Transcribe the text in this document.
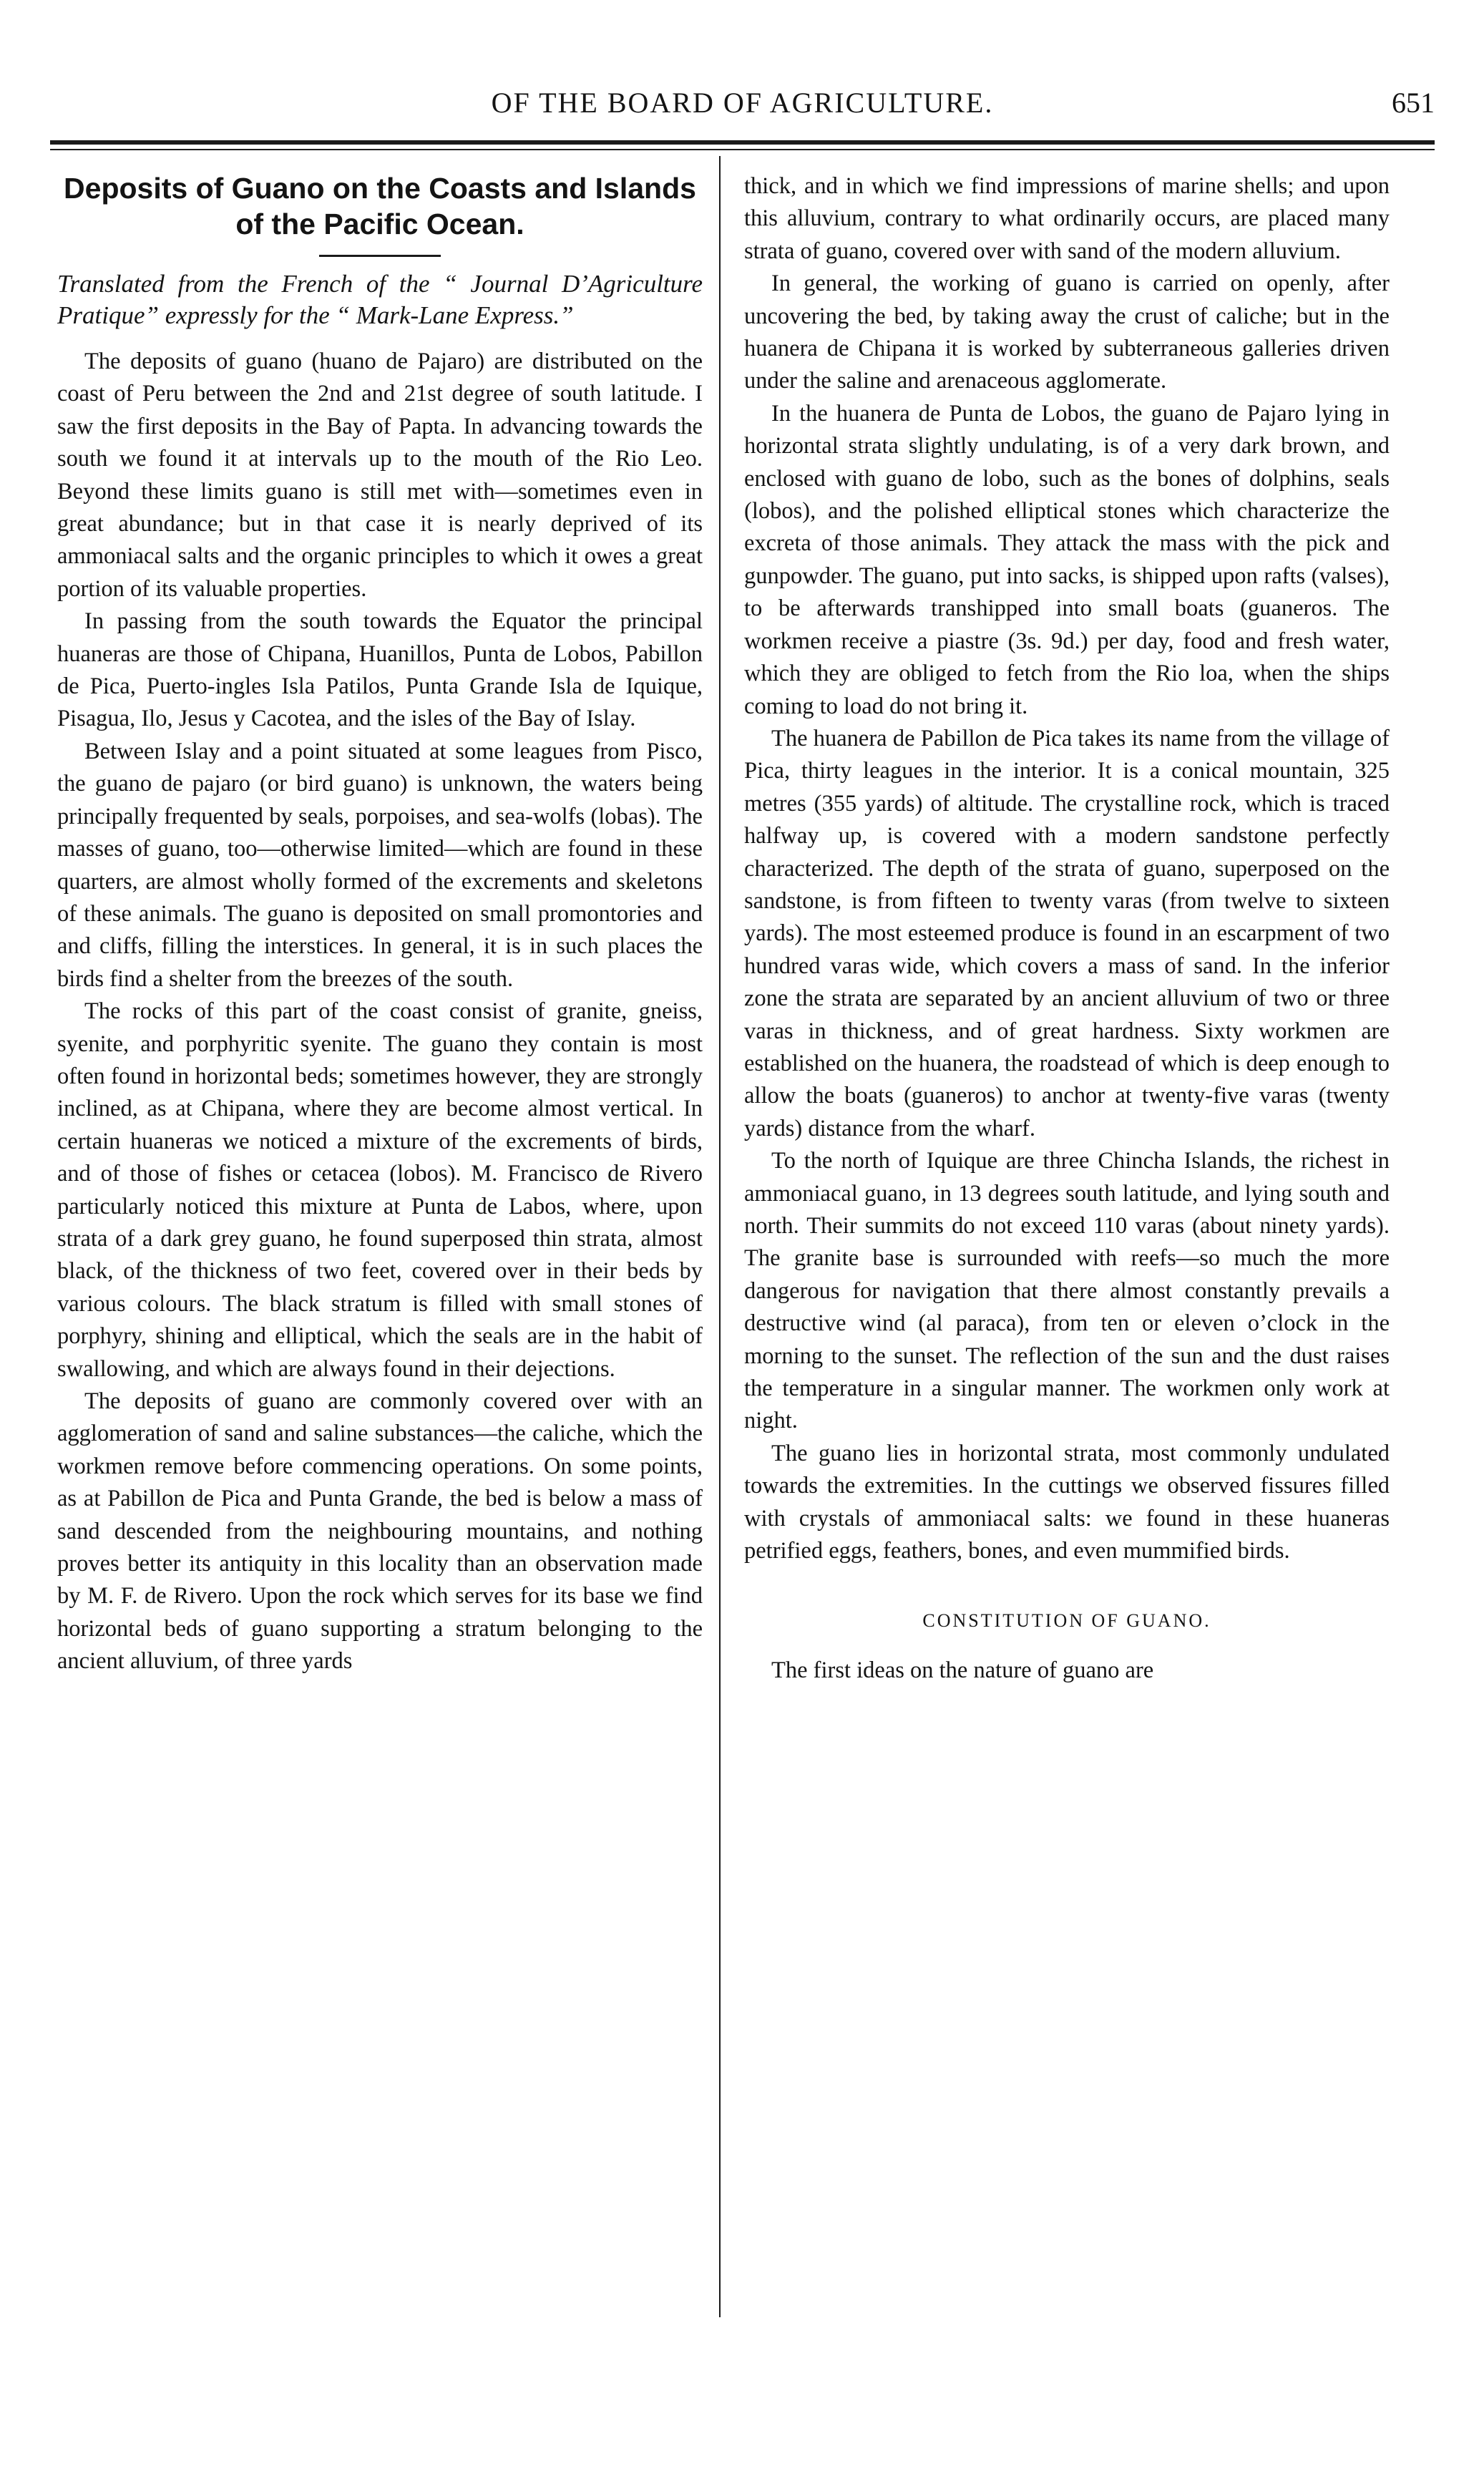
OF THE BOARD OF AGRICULTURE.	651
Deposits of Guano on the Coasts and Islands of the Pacific Ocean.
Translated from the French of the “ Journal D’Agriculture Pratique” expressly for the “ Mark-Lane Express.”

The deposits of guano (huano de Pajaro) are distributed on the coast of Peru between the 2nd and 21st degree of south latitude. I saw the first deposits in the Bay of Papta. In advancing towards the south we found it at intervals up to the mouth of the Rio Leo. Beyond these limits guano is still met with—sometimes even in great abundance; but in that case it is nearly deprived of its ammoniacal salts and the organic principles to which it owes a great portion of its valuable properties.

In passing from the south towards the Equator the principal huaneras are those of Chipana, Huanillos, Punta de Lobos, Pabillon de Pica, Puerto-ingles Isla Patilos, Punta Grande Isla de Iquique, Pisagua, Ilo, Jesus y Cacotea, and the isles of the Bay of Islay.

Between Islay and a point situated at some leagues from Pisco, the guano de pajaro (or bird guano) is unknown, the waters being principally frequented by seals, porpoises, and sea-wolfs (lobas). The masses of guano, too—otherwise limited—which are found in these quarters, are almost wholly formed of the excrements and skeletons of these animals. The guano is deposited on small promontories and and cliffs, filling the interstices. In general, it is in such places the birds find a shelter from the breezes of the south.

The rocks of this part of the coast consist of granite, gneiss, syenite, and porphyritic syenite. The guano they contain is most often found in horizontal beds; sometimes however, they are strongly inclined, as at Chipana, where they are become almost vertical. In certain huaneras we noticed a mixture of the excrements of birds, and of those of fishes or cetacea (lobos). M. Francisco de Rivero particularly noticed this mixture at Punta de Labos, where, upon strata of a dark grey guano, he found superposed thin strata, almost black, of the thickness of two feet, covered over in their beds by various colours. The black stratum is filled with small stones of porphyry, shining and elliptical, which the seals are in the habit of swallowing, and which are always found in their dejections.

The deposits of guano are commonly covered over with an agglomeration of sand and saline substances—the caliche, which the workmen remove before commencing operations. On some points, as at Pabillon de Pica and Punta Grande, the bed is below a mass of sand descended from the neighbouring mountains, and nothing proves better its antiquity in this locality than an observation made by M. F. de Rivero. Upon the rock which serves for its base we find horizontal beds of guano supporting a stratum belonging to the ancient alluvium, of three yards

thick, and in which we find impressions of marine shells; and upon this alluvium, contrary to what ordinarily occurs, are placed many strata of guano, covered over with sand of the modern alluvium.

In general, the working of guano is carried on openly, after uncovering the bed, by taking away the crust of caliche; but in the huanera de Chipana it is worked by subterraneous galleries driven under the saline and arenaceous agglomerate.

In the huanera de Punta de Lobos, the guano de Pajaro lying in horizontal strata slightly undulating, is of a very dark brown, and enclosed with guano de lobo, such as the bones of dolphins, seals (lobos), and the polished elliptical stones which characterize the excreta of those animals. They attack the mass with the pick and gunpowder. The guano, put into sacks, is shipped upon rafts (valses), to be afterwards transhipped into small boats (guaneros. The workmen receive a piastre (3s. 9d.) per day, food and fresh water, which they are obliged to fetch from the Rio loa, when the ships coming to load do not bring it.

The huanera de Pabillon de Pica takes its name from the village of Pica, thirty leagues in the interior. It is a conical mountain, 325 metres (355 yards) of altitude. The crystalline rock, which is traced halfway up, is covered with a modern sandstone perfectly characterized. The depth of the strata of guano, superposed on the sandstone, is from fifteen to twenty varas (from twelve to sixteen yards). The most esteemed produce is found in an escarpment of two hundred varas wide, which covers a mass of sand. In the inferior zone the strata are separated by an ancient alluvium of two or three varas in thickness, and of great hardness. Sixty workmen are established on the huanera, the roadstead of which is deep enough to allow the boats (guaneros) to anchor at twenty-five varas (twenty yards) distance from the wharf.

To the north of Iquique are three Chincha Islands, the richest in ammoniacal guano, in 13 degrees south latitude, and lying south and north. Their summits do not exceed 110 varas (about ninety yards). The granite base is surrounded with reefs—so much the more dangerous for navigation that there almost constantly prevails a destructive wind (al paraca), from ten or eleven o’clock in the morning to the sunset. The reflection of the sun and the dust raises the temperature in a singular manner. The workmen only work at night.

The guano lies in horizontal strata, most commonly undulated towards the extremities. In the cuttings we observed fissures filled with crystals of ammoniacal salts: we found in these huaneras petrified eggs, feathers, bones, and even mummified birds.

CONSTITUTION OF GUANO.

The first ideas on the nature of guano are
